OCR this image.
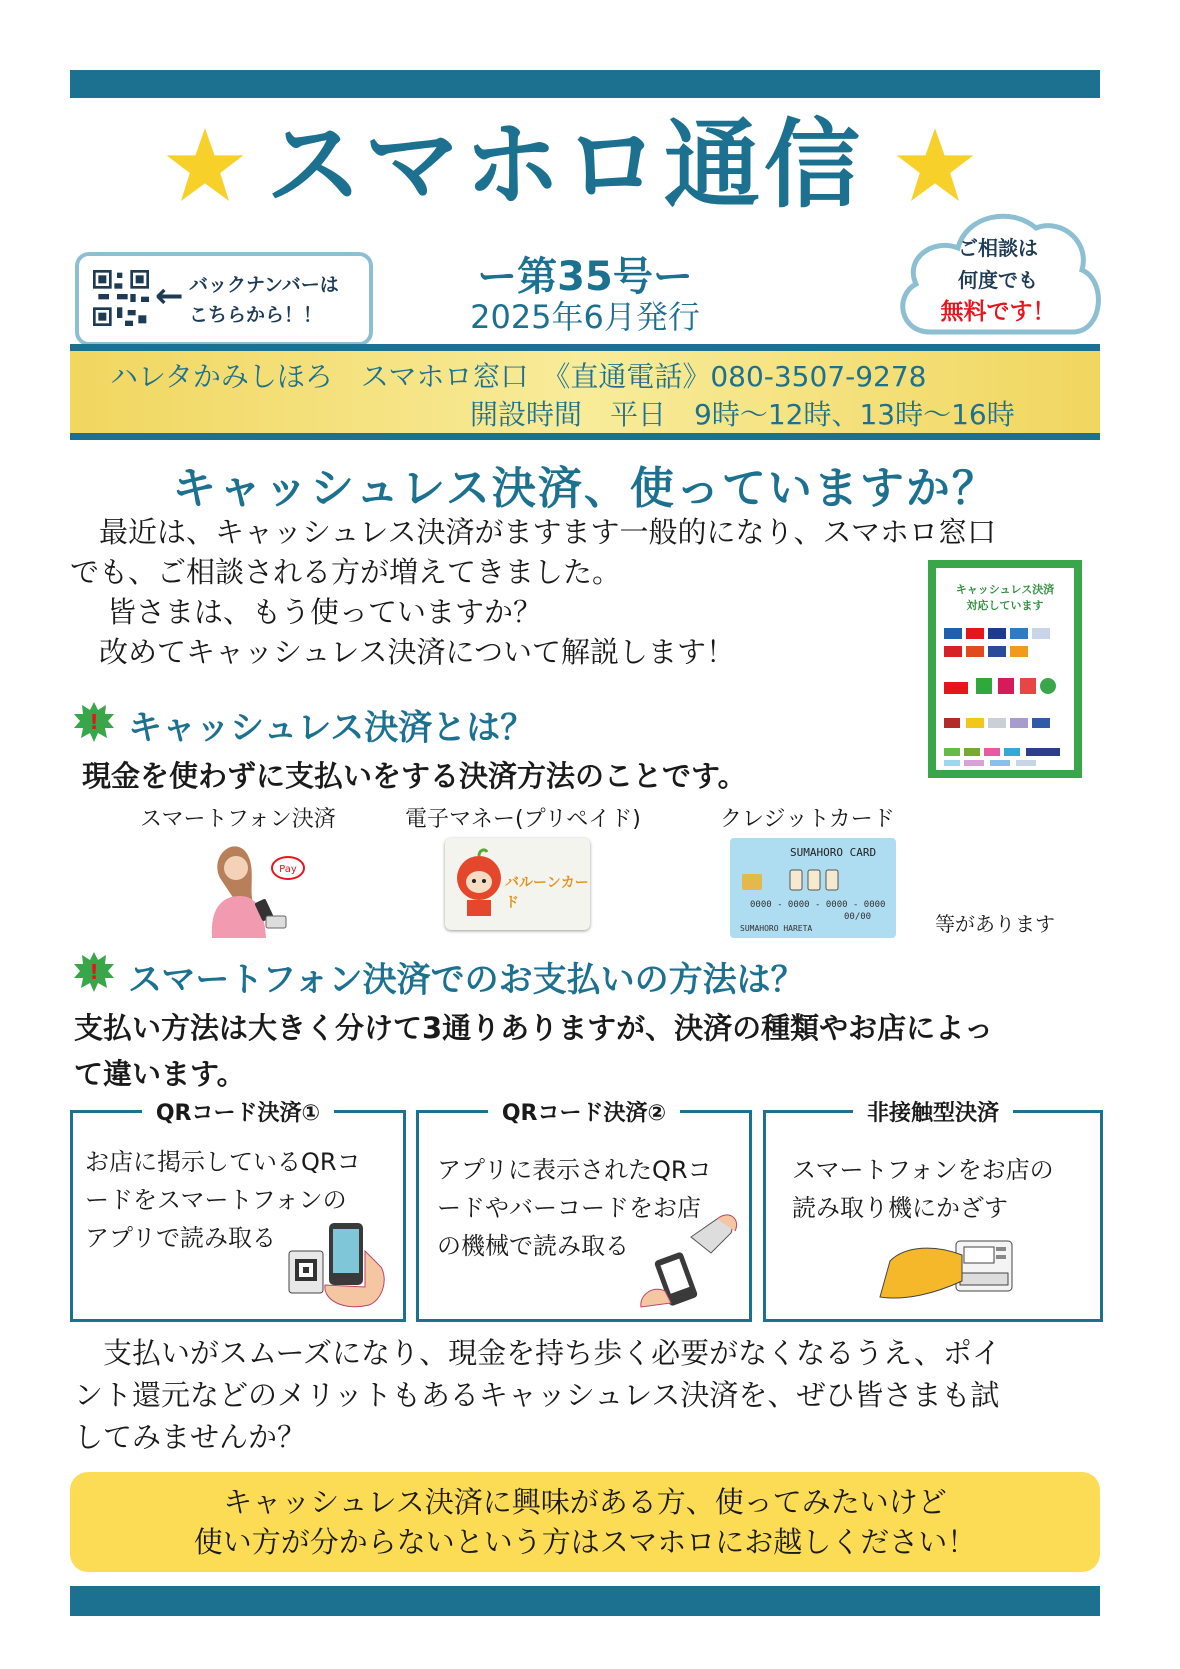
スマホロ通信
← バックナンバーは
こちらから！！
ー第35号ー
2025年6月発行
ご相談は
何度でも
無料です！
ハレタかみしほろ　スマホロ窓口　《直通電話》080-3507-9278
開設時間　平日　9時～12時、13時～16時
キャッシュレス決済、使っていますか？
　最近は、キャッシュレス決済がますます一般的になり、スマホロ窓口
でも、ご相談される方が増えてきました。
　皆さまは、もう使っていますか？
　改めてキャッシュレス決済について解説します！
キャッシュレス決済
対応しています
! キャッシュレス決済とは？
現金を使わずに支払いをする決済方法のことです。
スマートフォン決済	電子マネー(プリペイド)	クレジットカード
Pay
バルーンカード
SUMAHORO CARD
0000 - 0000 - 0000 - 0000
00/00
SUMAHORO HARETA	等があります
! スマートフォン決済でのお支払いの方法は？
支払い方法は大きく分けて3通りありますが、決済の種類やお店によっ
て違います。
QRコード決済①
お店に掲示しているQRコ
ードをスマートフォンの
アプリで読み取る
QRコード決済②
アプリに表示されたQRコ
ードやバーコードをお店
の機械で読み取る
非接触型決済
スマートフォンをお店の
読み取り機にかざす
　支払いがスムーズになり、現金を持ち歩く必要がなくなるうえ、ポイ
ント還元などのメリットもあるキャッシュレス決済を、ぜひ皆さまも試
してみませんか？
キャッシュレス決済に興味がある方、使ってみたいけど
使い方が分からないという方はスマホロにお越しください！
